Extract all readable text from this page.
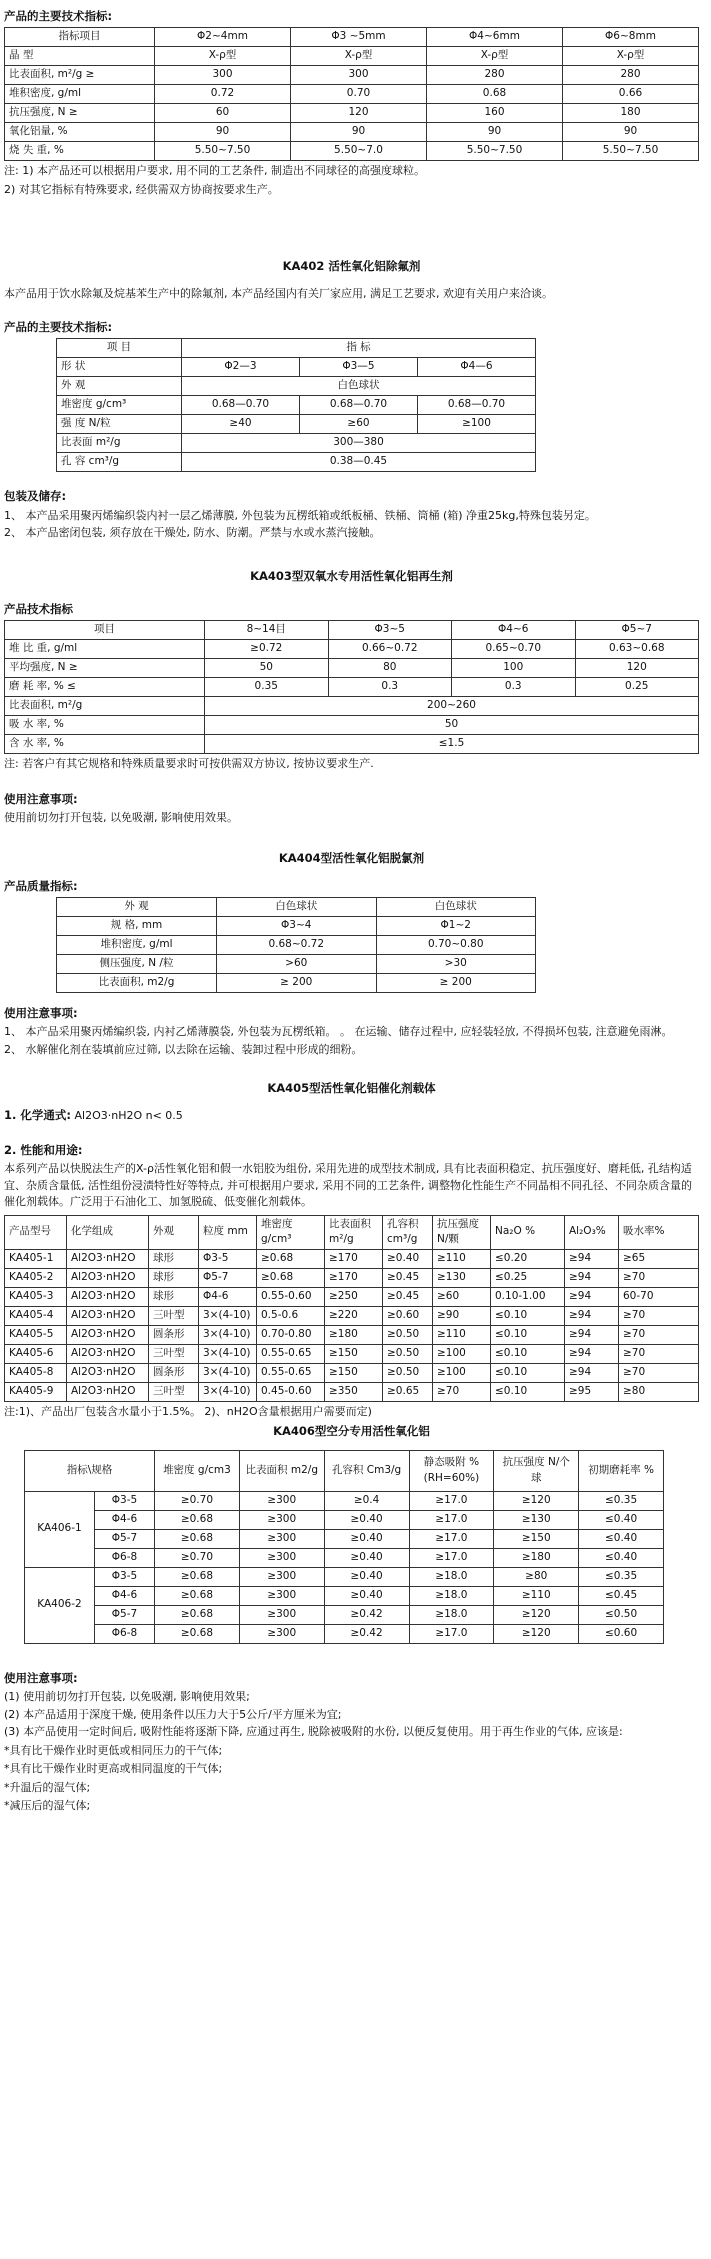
产品的主要技术指标:
指标项目	Φ2~4mm	Φ3 ~5mm	Φ4~6mm	Φ6~8mm
晶 型	X-ρ型	X-ρ型	X-ρ型	X-ρ型
比表面积, m²/g ≥	300	300	280	280
堆积密度, g/ml	0.72	0.70	0.68	0.66
抗压强度, N ≥	60	120	160	180
氧化铝量, %	90	90	90	90
烧 失 重, %	5.50~7.50	5.50~7.0	5.50~7.50	5.50~7.50

注: 1) 本产品还可以根据用户要求, 用不同的工艺条件, 制造出不同球径的高强度球粒。

2) 对其它指标有特殊要求, 经供需双方协商按要求生产。

KA402 活性氧化铝除氟剂

本产品用于饮水除氟及烷基苯生产中的除氟剂, 本产品经国内有关厂家应用, 满足工艺要求, 欢迎有关用户来洽谈。

产品的主要技术指标:
项 目	指 标		
形 状	Φ2—3	Φ3—5	Φ4—6
外 观	白色球状		
堆密度 g/cm³	0.68—0.70	0.68—0.70	0.68—0.70
强 度 N/粒	≥40	≥60	≥100
比表面 m²/g	300—380		
孔 容 cm³/g	0.38—0.45		
包装及储存:

1、 本产品采用聚丙烯编织袋内衬一层乙烯薄膜, 外包装为瓦楞纸箱或纸板桶、铁桶、筒桶 (箱) 净重25kg,特殊包装另定。

2、 本产品密闭包装, 须存放在干燥处, 防水、防潮。严禁与水或水蒸汽接触。

KA403型双氧水专用活性氧化铝再生剂
产品技术指标
项目	8~14目	Φ3~5	Φ4~6	Φ5~7
堆 比 重, g/ml	≥0.72	0.66~0.72	0.65~0.70	0.63~0.68
平均强度, N ≥	50	80	100	120
磨 耗 率, % ≤	0.35	0.3	0.3	0.25
比表面积, m²/g	200~260			
吸 水 率, %	50			
含 水 率, %	≤1.5			

注: 若客户有其它规格和特殊质量要求时可按供需双方协议, 按协议要求生产.

使用注意事项:

使用前切勿打开包装, 以免吸潮, 影响使用效果。

KA404型活性氧化铝脱氯剂
产品质量指标:
外 观	白色球状	白色球状
规 格, mm	Φ3~4	Φ1~2
堆积密度, g/ml	0.68~0.72	0.70~0.80
侧压强度, N /粒	>60	>30
比表面积, m2/g	≥ 200	≥ 200
使用注意事项:

1、 本产品采用聚丙烯编织袋, 内衬乙烯薄膜袋, 外包装为瓦楞纸箱。 。 在运输、储存过程中, 应轻装轻放, 不得损坏包装, 注意避免雨淋。

2、 水解催化剂在装填前应过筛, 以去除在运输、装卸过程中形成的细粉。

KA405型活性氧化铝催化剂载体

1. 化学通式: Al2O3·nH2O n< 0.5

2. 性能和用途:

本系列产品以快脱法生产的X-ρ活性氧化铝和假一水铝胶为组份, 采用先进的成型技术制成, 具有比表面积稳定、抗压强度好、磨耗低, 孔结构适宜、杂质含量低, 活性组份浸渍特性好等特点, 并可根据用户要求, 采用不同的工艺条件, 调整物化性能生产不同晶相不同孔径、不同杂质含量的催化剂载体。广泛用于石油化工、加氢脱硫、低变催化剂载体。

产品型号	化学组成	外观	粒度 mm	堆密度 g/cm³	比表面积 m²/g	孔容积 cm³/g	抗压强度 N/颗	Na₂O %	Al₂O₃%	吸水率%
KA405-1	Al2O3·nH2O	球形	Φ3-5	≥0.68	≥170	≥0.40	≥110	≤0.20	≥94	≥65
KA405-2	Al2O3·nH2O	球形	Φ5-7	≥0.68	≥170	≥0.45	≥130	≤0.25	≥94	≥70
KA405-3	Al2O3·nH2O	球形	Φ4-6	0.55-0.60	≥250	≥0.45	≥60	0.10-1.00	≥94	60-70
KA405-4	Al2O3·nH2O	三叶型	3×(4-10)	0.5-0.6	≥220	≥0.60	≥90	≤0.10	≥94	≥70
KA405-5	Al2O3·nH2O	圆条形	3×(4-10)	0.70-0.80	≥180	≥0.50	≥110	≤0.10	≥94	≥70
KA405-6	Al2O3·nH2O	三叶型	3×(4-10)	0.55-0.65	≥150	≥0.50	≥100	≤0.10	≥94	≥70
KA405-8	Al2O3·nH2O	圆条形	3×(4-10)	0.55-0.65	≥150	≥0.50	≥100	≤0.10	≥94	≥70
KA405-9	Al2O3·nH2O	三叶型	3×(4-10)	0.45-0.60	≥350	≥0.65	≥70	≤0.10	≥95	≥80

注:1)、产品出厂包装含水量小于1.5%。 2)、nH2O含量根据用户需要而定)

KA406型空分专用活性氧化铝
指标\规格		堆密度 g/cm3	比表面积 m2/g	孔容积 Cm3/g	静态吸附 % (RH=60%)	抗压强度 N/个球	初期磨耗率 %
KA406-1	Φ3-5	≥0.70	≥300	≥0.4	≥17.0	≥120	≤0.35
	Φ4-6	≥0.68	≥300	≥0.40	≥17.0	≥130	≤0.40
	Φ5-7	≥0.68	≥300	≥0.40	≥17.0	≥150	≤0.40
	Φ6-8	≥0.70	≥300	≥0.40	≥17.0	≥180	≤0.40
KA406-2	Φ3-5	≥0.68	≥300	≥0.40	≥18.0	≥80	≤0.35
	Φ4-6	≥0.68	≥300	≥0.40	≥18.0	≥110	≤0.45
	Φ5-7	≥0.68	≥300	≥0.42	≥18.0	≥120	≤0.50
	Φ6-8	≥0.68	≥300	≥0.42	≥17.0	≥120	≤0.60
使用注意事项:

(1) 使用前切勿打开包装, 以免吸潮, 影响使用效果;

(2) 本产品适用于深度干燥, 使用条件以压力大于5公斤/平方厘米为宜;

(3) 本产品使用一定时间后, 吸附性能将逐渐下降, 应通过再生, 脱除被吸附的水份, 以便反复使用。用于再生作业的气体, 应该是:

*具有比干燥作业时更低或相同压力的干气体;

*具有比干燥作业时更高或相同温度的干气体;

*升温后的湿气体;

*减压后的湿气体;
